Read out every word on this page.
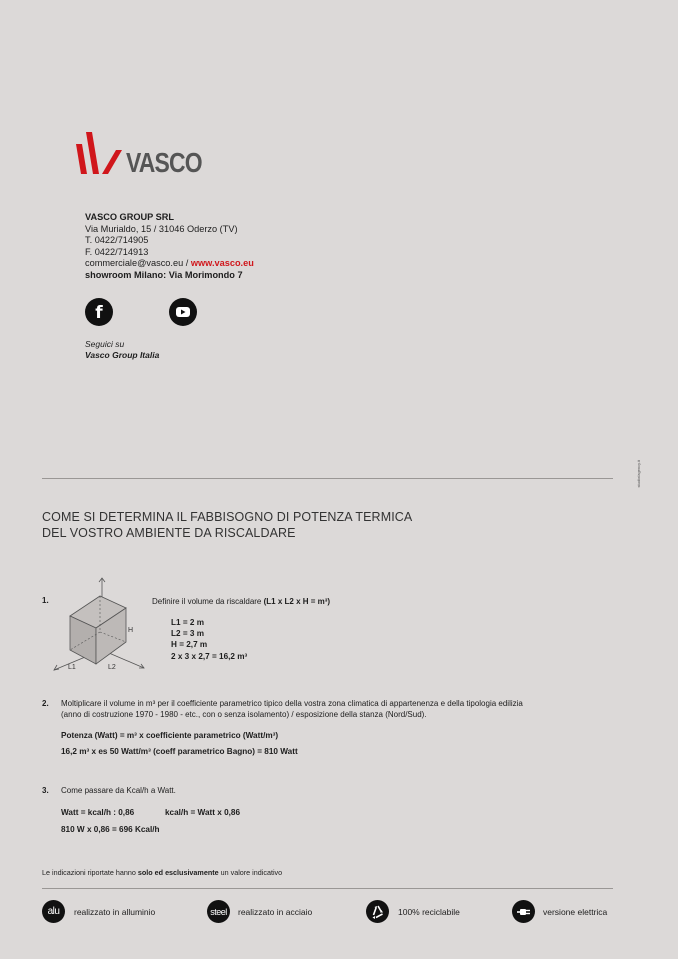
VASCO
VASCO GROUP SRL
Via Murialdo, 15 / 31046 Oderzo (TV)
T. 0422/714905
F. 0422/714913
commerciale@vasco.eu / www.vasco.eu
showroom Milano: Via Morimondo 7
f
Seguici su
Vasco Group Italia
studio/agency.it
COME SI DETERMINA IL FABBISOGNO DI POTENZA TERMICA
DEL VOSTRO AMBIENTE DA RISCALDARE
1.
H
L1	L2
Definire il volume da riscaldare (L1 x L2 x H = m³)
L1 = 2 m
L2 = 3 m
H = 2,7 m
2 x 3 x 2,7 = 16,2 m³
2. Moltiplicare il volume in m³ per il coefficiente parametrico tipico della vostra zona climatica di appartenenza e della tipologia edilizia
(anno di costruzione 1970 - 1980 - etc., con o senza isolamento) / esposizione della stanza (Nord/Sud).
Potenza (Watt) = m³ x coefficiente parametrico (Watt/m³)
16,2 m³ x es 50 Watt/m³ (coeff parametrico Bagno) = 810 Watt
3. Come passare da Kcal/h a Watt.
Watt = kcal/h : 0,86	kcal/h = Watt x 0,86
810 W x 0,86 = 696 Kcal/h
Le indicazioni riportate hanno solo ed esclusivamente un valore indicativo
alu	realizzato in alluminio	steel	realizzato in acciaio	100% reciclabile	versione elettrica
